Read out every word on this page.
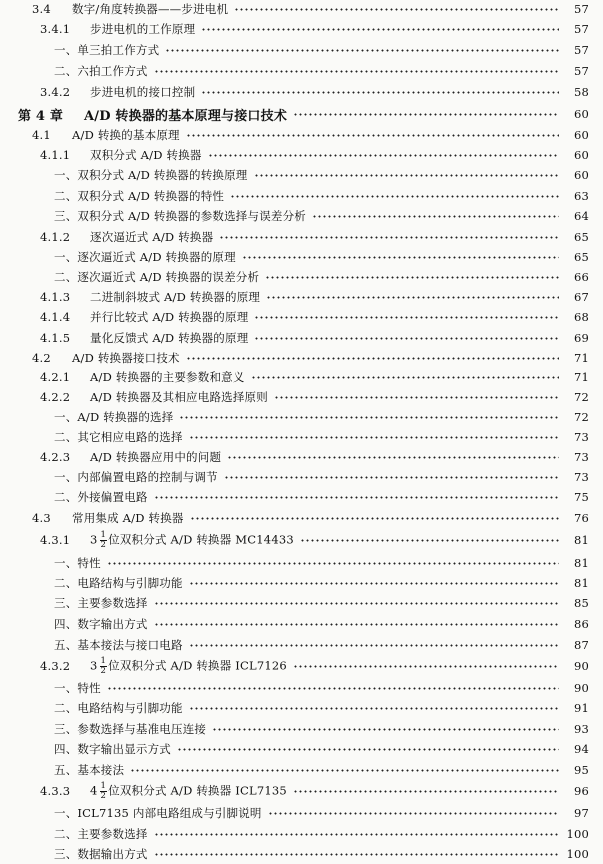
3.4	数字/角度转换器——步进电机	57
3.4.1	步进电机的工作原理	57
一、单三拍工作方式	57
二、六拍工作方式	57
3.4.2	步进电机的接口控制	58
第 4 章	A/D 转换器的基本原理与接口技术	60
4.1	A/D 转换的基本原理	60
4.1.1	双积分式 A/D 转换器	60
一、双积分式 A/D 转换器的转换原理	60
二、双积分式 A/D 转换器的特性	63
三、双积分式 A/D 转换器的参数选择与误差分析	64
4.1.2	逐次逼近式 A/D 转换器	65
一、逐次逼近式 A/D 转换器的原理	65
二、逐次逼近式 A/D 转换器的误差分析	66
4.1.3	二进制斜坡式 A/D 转换器的原理	67
4.1.4	并行比较式 A/D 转换器的原理	68
4.1.5	量化反馈式 A/D 转换器的原理	69
4.2	A/D 转换器接口技术	71
4.2.1	A/D 转换器的主要参数和意义	71
4.2.2	A/D 转换器及其相应电路选择原则	72
一、A/D 转换器的选择	72
二、其它相应电路的选择	73
4.2.3	A/D 转换器应用中的问题	73
一、内部偏置电路的控制与调节	73
二、外接偏置电路	75
4.3	常用集成 A/D 转换器	76
4.3.1	$3 \frac{1}{2}$ 位双积分式 A/D 转换器 MC14433	81
一、特性	81
二、电路结构与引脚功能	81
三、主要参数选择	85
四、数字输出方式	86
五、基本接法与接口电路	87
4.3.2	$3 \frac{1}{2}$ 位双积分式 A/D 转换器 ICL7126	90
一、特性	90
二、电路结构与引脚功能	91
三、参数选择与基准电压连接	93
四、数字输出显示方式	94
五、基本接法	95
4.3.3	$4 \frac{1}{2}$ 位双积分式 A/D 转换器 ICL7135	96
一、ICL7135 内部电路组成与引脚说明	97
二、主要参数选择	100
三、数据输出方式	100
